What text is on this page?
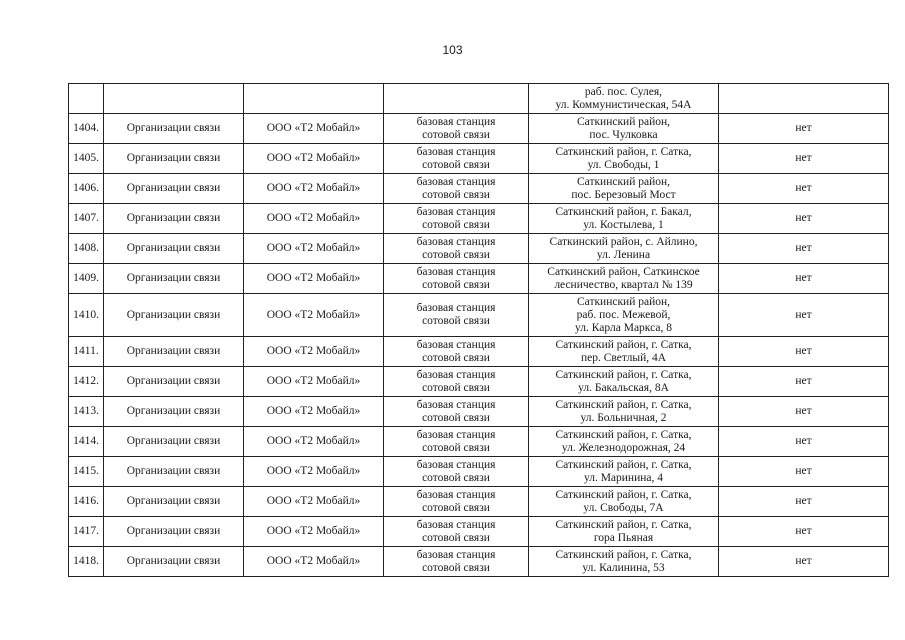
103

				раб. пос. Сулея,
ул. Коммунистическая, 54А	

1404.	Организации связи	ООО «Т2 Мобайл»	базовая станция
сотовой связи	Саткинский район,
пос. Чулковка	нет
1405.	Организации связи	ООО «Т2 Мобайл»	базовая станция
сотовой связи	Саткинский район, г. Сатка,
ул. Свободы, 1	нет
1406.	Организации связи	ООО «Т2 Мобайл»	базовая станция
сотовой связи	Саткинский район,
пос. Березовый Мост	нет
1407.	Организации связи	ООО «Т2 Мобайл»	базовая станция
сотовой связи	Саткинский район, г. Бакал,
ул. Костылева, 1	нет
1408.	Организации связи	ООО «Т2 Мобайл»	базовая станция
сотовой связи	Саткинский район, с. Айлино,
ул. Ленина	нет
1409.	Организации связи	ООО «Т2 Мобайл»	базовая станция
сотовой связи	Саткинский район, Саткинское
лесничество, квартал № 139	нет
1410.	Организации связи	ООО «Т2 Мобайл»	базовая станция
сотовой связи	Саткинский район,
раб. пос. Межевой,
ул. Карла Маркса, 8	нет
1411.	Организации связи	ООО «Т2 Мобайл»	базовая станция
сотовой связи	Саткинский район, г. Сатка,
пер. Светлый, 4А	нет
1412.	Организации связи	ООО «Т2 Мобайл»	базовая станция
сотовой связи	Саткинский район, г. Сатка,
ул. Бакальская, 8А	нет
1413.	Организации связи	ООО «Т2 Мобайл»	базовая станция
сотовой связи	Саткинский район, г. Сатка,
ул. Больничная, 2	нет
1414.	Организации связи	ООО «Т2 Мобайл»	базовая станция
сотовой связи	Саткинский район, г. Сатка,
ул. Железнодорожная, 24	нет
1415.	Организации связи	ООО «Т2 Мобайл»	базовая станция
сотовой связи	Саткинский район, г. Сатка,
ул. Маринина, 4	нет
1416.	Организации связи	ООО «Т2 Мобайл»	базовая станция
сотовой связи	Саткинский район, г. Сатка,
ул. Свободы, 7А	нет
1417.	Организации связи	ООО «Т2 Мобайл»	базовая станция
сотовой связи	Саткинский район, г. Сатка,
гора Пьяная	нет
1418.	Организации связи	ООО «Т2 Мобайл»	базовая станция
сотовой связи	Саткинский район, г. Сатка,
ул. Калинина, 53	нет
